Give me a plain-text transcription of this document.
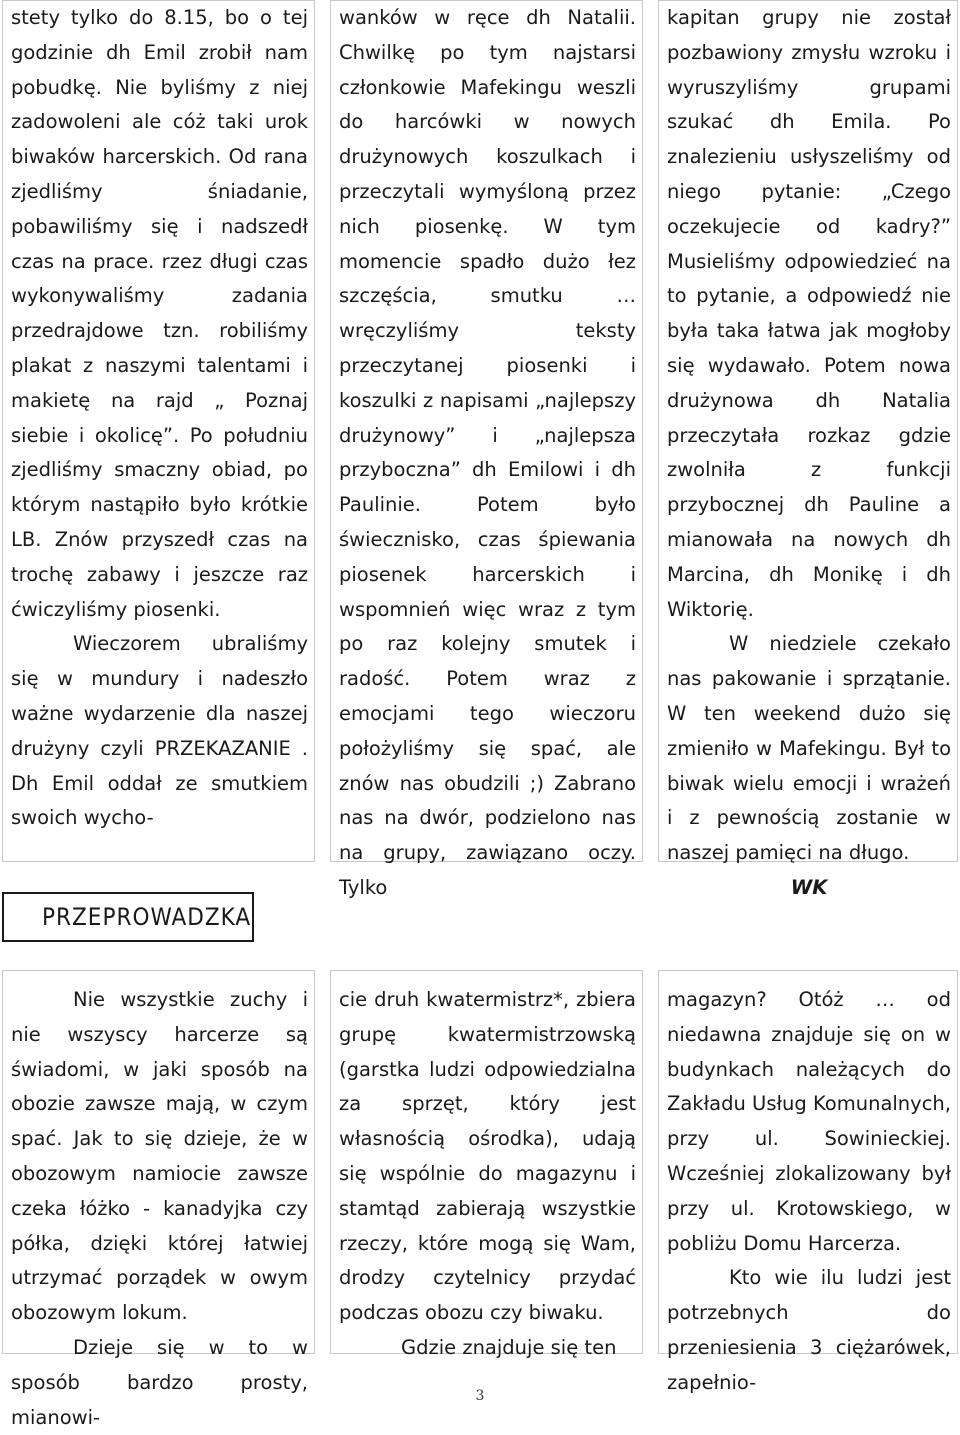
stety tylko do 8.15, bo o tej godzinie dh Emil zrobił nam pobudkę. Nie byliśmy z niej zadowoleni ale cóż taki urok biwaków harcerskich. Od rana zjedliśmy śniadanie, pobawiliśmy się i nadszedł czas na prace. rzez długi czas wykonywaliśmy zadania przedrajdowe tzn. robiliśmy plakat z naszymi talentami i makietę na rajd „ Poznaj siebie i okolicę”. Po południu zjedliśmy smaczny obiad, po którym nastąpiło było krótkie LB. Znów przyszedł czas na trochę zabawy i jeszcze raz ćwiczyliśmy piosenki.

Wieczorem ubraliśmy się w mundury i nadeszło ważne wydarzenie dla naszej drużyny czyli PRZEKAZANIE . Dh Emil oddał ze smutkiem swoich wycho-

wanków w ręce dh Natalii. Chwilkę po tym najstarsi członkowie Mafekingu weszli do harcówki w nowych drużynowych koszulkach i przeczytali wymyśloną przez nich piosenkę. W tym momencie spadło dużo łez szczęścia, smutku … wręczyliśmy teksty przeczytanej piosenki i koszulki z napisami „najlepszy drużynowy” i „najlepsza przyboczna” dh Emilowi i dh Paulinie. Potem było świecznisko, czas śpiewania piosenek harcerskich i wspomnień więc wraz z tym po raz kolejny smutek i radość. Potem wraz z emocjami tego wieczoru położyliśmy się spać, ale znów nas obudzili ;) Zabrano nas na dwór, podzielono nas na grupy, zawiązano oczy. Tylko

kapitan grupy nie został pozbawiony zmysłu wzroku i wyruszyliśmy grupami szukać dh Emila. Po znalezieniu usłyszeliśmy od niego pytanie: „Czego oczekujecie od kadry?” Musieliśmy odpowiedzieć na to pytanie, a odpowiedź nie była taka łatwa jak mogłoby się wydawało. Potem nowa drużynowa dh Natalia przeczytała rozkaz gdzie zwolniła z funkcji przybocznej dh Pauline a mianowała na nowych dh Marcina, dh Monikę i dh Wiktorię.

W niedziele czekało nas pakowanie i sprzątanie. W ten weekend dużo się zmieniło w Mafekingu. Był to biwak wielu emocji i wrażeń i z pewnością zostanie w naszej pamięci na długo.

WK

PRZEPROWADZKA

Nie wszystkie zuchy i nie wszyscy harcerze są świadomi, w jaki sposób na obozie zawsze mają, w czym spać. Jak to się dzieje, że w obozowym namiocie zawsze czeka łóżko - kanadyjka czy półka, dzięki której łatwiej utrzymać porządek w owym obozowym lokum.

Dzieje się w to w sposób bardzo prosty, mianowi-

cie druh kwatermistrz*, zbiera grupę kwatermistrzowską (garstka ludzi odpowiedzialna za sprzęt, który jest własnością ośrodka), udają się wspólnie do magazynu i stamtąd zabierają wszystkie rzeczy, które mogą się Wam, drodzy czytelnicy przydać podczas obozu czy biwaku.

Gdzie znajduje się ten

magazyn? Otóż … od niedawna znajduje się on w budynkach należących do Zakładu Usług Komunalnych, przy ul. Sowinieckiej. Wcześniej zlokalizowany był przy ul. Krotowskiego, w pobliżu Domu Harcerza.

Kto wie ilu ludzi jest potrzebnych do przeniesienia 3 ciężarówek, zapełnio-

3
